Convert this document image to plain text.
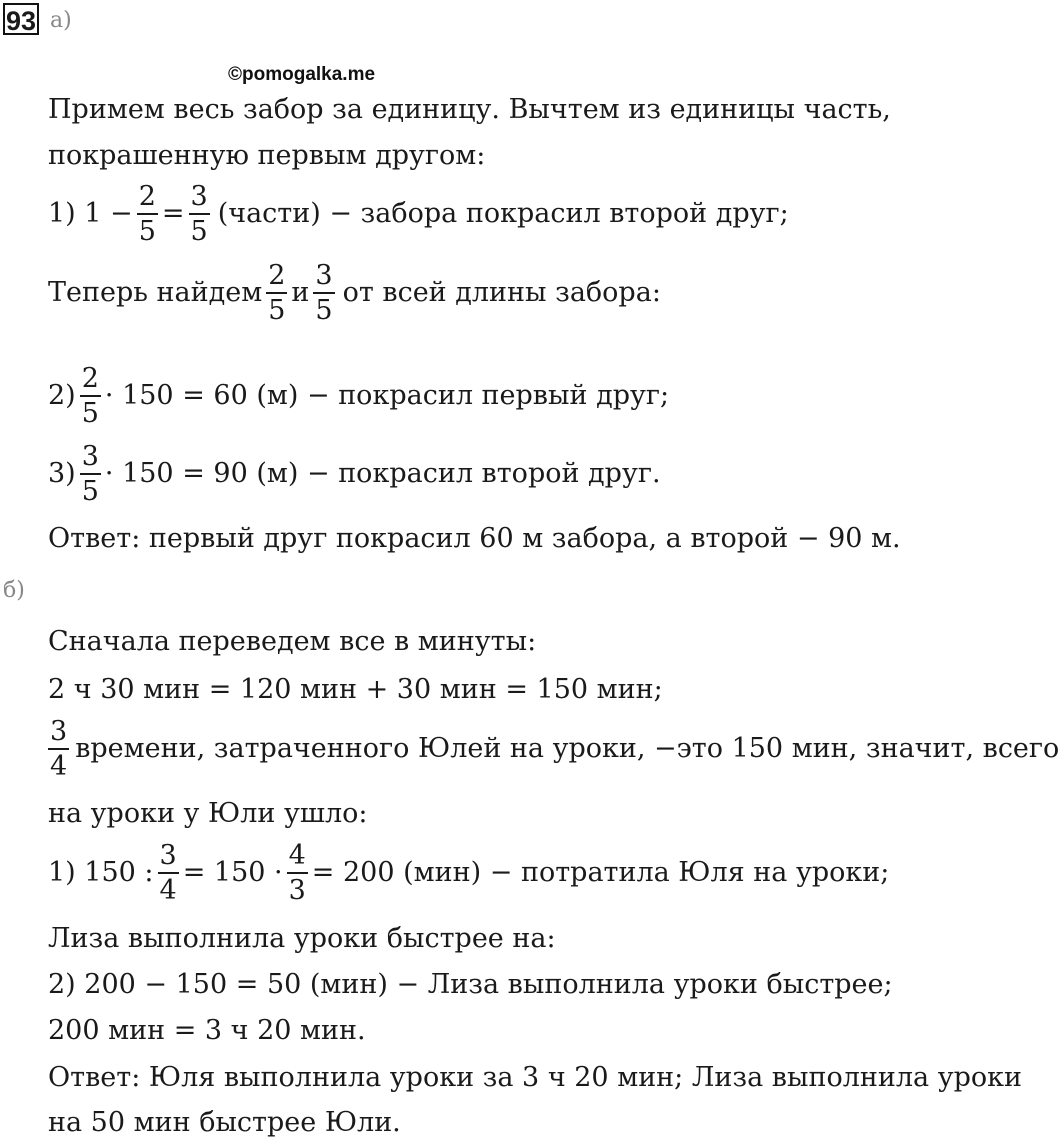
93 а)
©pomogalka.me
Примем весь забор за единицу. Вычтем из единицы часть,
покрашенную первым другом:
1) $1 - \frac{2}{5} = \frac{3}{5}$ (части) − забора покрасил второй друг;
Теперь найдем $\frac{2}{5}$ и $\frac{3}{5}$ от всей длины забора:
$2) \frac{2}{5} \cdot 150 = 60$ (м) − покрасил первый друг;
$3) \frac{3}{5} \cdot 150 = 90$ (м) − покрасил второй друг.
Ответ: первый друг покрасил 60 м забора, а второй − 90 м.
б)
Сначала переведем все в минуты:
2 ч 30 мин = 120 мин + 30 мин = 150 мин;
$\frac{3}{4}$ времени, затраченного Юлей на уроки, −это 150 мин, значит, всего
на уроки у Юли ушло:
1) 150 : $\frac{3}{4} = 150 \cdot \frac{4}{3} = 200$ (мин) − потратила Юля на уроки;
Лиза выполнила уроки быстрее на:
2) 200 − 150 = 50 (мин) − Лиза выполнила уроки быстрее;
200 мин = 3 ч 20 мин.
Ответ: Юля выполнила уроки за 3 ч 20 мин; Лиза выполнила уроки
на 50 мин быстрее Юли.
